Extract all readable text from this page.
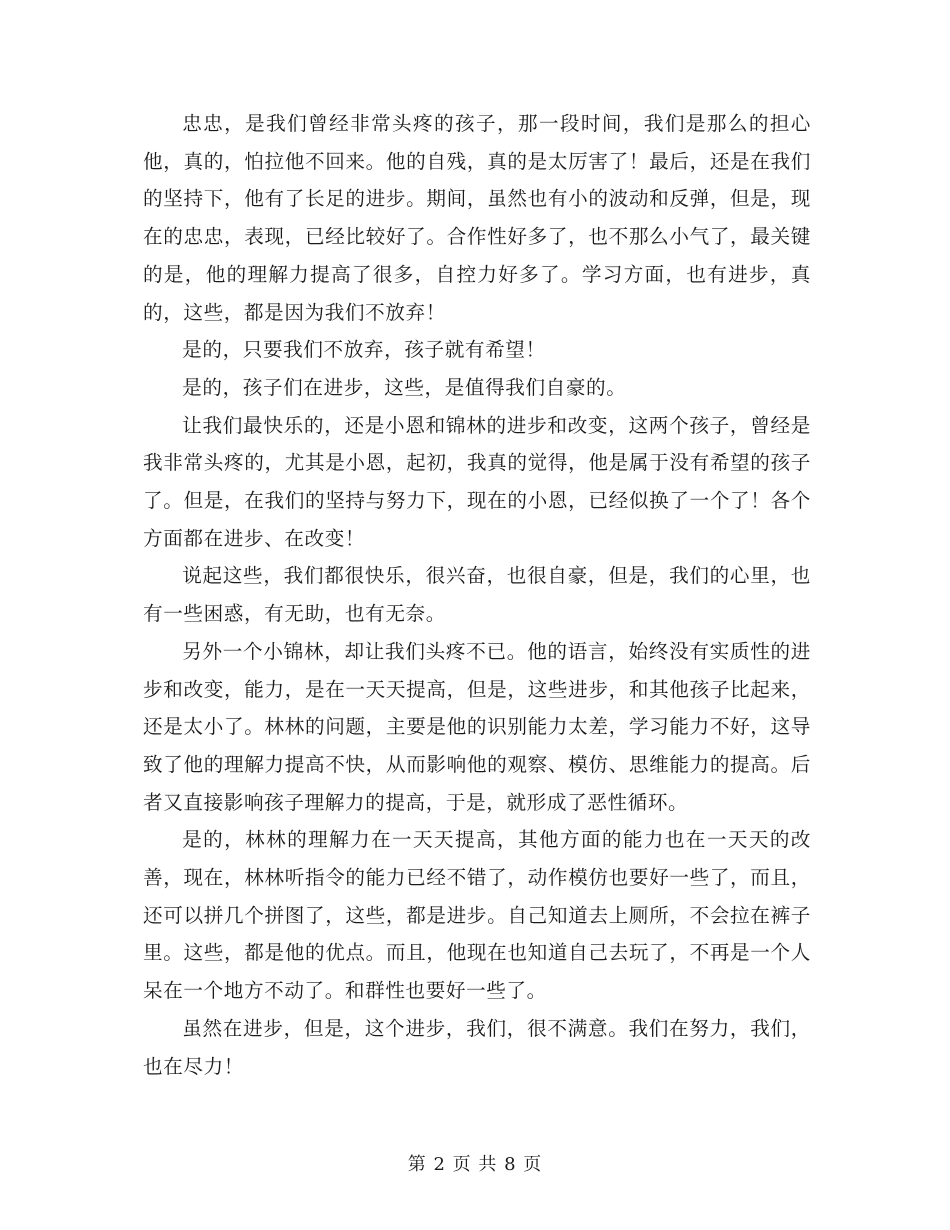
忠忠，是我们曾经非常头疼的孩子，那一段时间，我们是那么的担心他，真的，怕拉他不回来。他的自残，真的是太厉害了！最后，还是在我们的坚持下，他有了长足的进步。期间，虽然也有小的波动和反弹，但是，现在的忠忠，表现，已经比较好了。合作性好多了，也不那么小气了，最关键的是，他的理解力提高了很多，自控力好多了。学习方面，也有进步，真的，这些，都是因为我们不放弃！

是的，只要我们不放弃，孩子就有希望！

是的，孩子们在进步，这些，是值得我们自豪的。

让我们最快乐的，还是小恩和锦林的进步和改变，这两个孩子，曾经是我非常头疼的，尤其是小恩，起初，我真的觉得，他是属于没有希望的孩子了。但是，在我们的坚持与努力下，现在的小恩，已经似换了一个了！各个方面都在进步、在改变！

说起这些，我们都很快乐，很兴奋，也很自豪，但是，我们的心里，也有一些困惑，有无助，也有无奈。

另外一个小锦林，却让我们头疼不已。他的语言，始终没有实质性的进步和改变，能力，是在一天天提高，但是，这些进步，和其他孩子比起来，还是太小了。林林的问题，主要是他的识别能力太差，学习能力不好，这导致了他的理解力提高不快，从而影响他的观察、模仿、思维能力的提高。后者又直接影响孩子理解力的提高，于是，就形成了恶性循环。

是的，林林的理解力在一天天提高，其他方面的能力也在一天天的改善，现在，林林听指令的能力已经不错了，动作模仿也要好一些了，而且，还可以拼几个拼图了，这些，都是进步。自己知道去上厕所，不会拉在裤子里。这些，都是他的优点。而且，他现在也知道自己去玩了，不再是一个人呆在一个地方不动了。和群性也要好一些了。

虽然在进步，但是，这个进步，我们，很不满意。我们在努力，我们，也在尽力！

第 2 页 共 8 页
